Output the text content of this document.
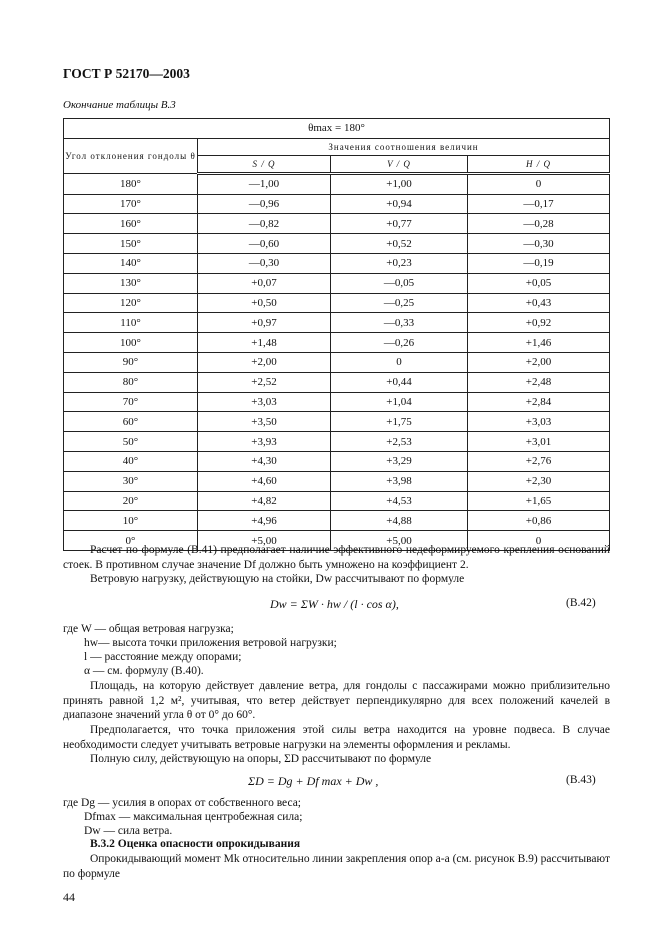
ГОСТ Р 52170—2003
Окончание таблицы В.3
θmax = 180°			
Угол отклонения гондолы θ	Значения соотношения величин		
	S / Q	V / Q	H / Q
180°	—1,00	+1,00	0
170°	—0,96	+0,94	—0,17
160°	—0,82	+0,77	—0,28
150°	—0,60	+0,52	—0,30
140°	—0,30	+0,23	—0,19
130°	+0,07	—0,05	+0,05
120°	+0,50	—0,25	+0,43
110°	+0,97	—0,33	+0,92
100°	+1,48	—0,26	+1,46
90°	+2,00	0	+2,00
80°	+2,52	+0,44	+2,48
70°	+3,03	+1,04	+2,84
60°	+3,50	+1,75	+3,03
50°	+3,93	+2,53	+3,01
40°	+4,30	+3,29	+2,76
30°	+4,60	+3,98	+2,30
20°	+4,82	+4,53	+1,65
10°	+4,96	+4,88	+0,86
0°	+5,00	+5,00	0
Расчет по формуле (В.41) предполагает наличие эффективного недеформируемого крепления оснований стоек. В противном случае значение Df должно быть умножено на коэффициент 2.
Ветровую нагрузку, действующую на стойки, Dw рассчитывают по формуле
Dw = ΣW · hw / (l · cos α),	(В.42)
где W — общая ветровая нагрузка;
hw— высота точки приложения ветровой нагрузки;
l — расстояние между опорами;
α — см. формулу (В.40).
Площадь, на которую действует давление ветра, для гондолы с пассажирами можно приблизительно принять равной 1,2 м², учитывая, что ветер действует перпендикулярно для всех положений качелей в диапазоне значений угла θ от 0° до 60°.
Предполагается, что точка приложения этой силы ветра находится на уровне подвеса. В случае необходимости следует учитывать ветровые нагрузки на элементы оформления и рекламы.
Полную силу, действующую на опоры, ΣD рассчитывают по формуле
ΣD = Dg + Df max + Dw ,	(В.43)
где Dg — усилия в опорах от собственного веса;
Dfmax — максимальная центробежная сила;
Dw — сила ветра.
В.3.2 Оценка опасности опрокидывания
Опрокидывающий момент Mk относительно линии закрепления опор a-a (см. рисунок В.9) рассчитывают по формуле
44
